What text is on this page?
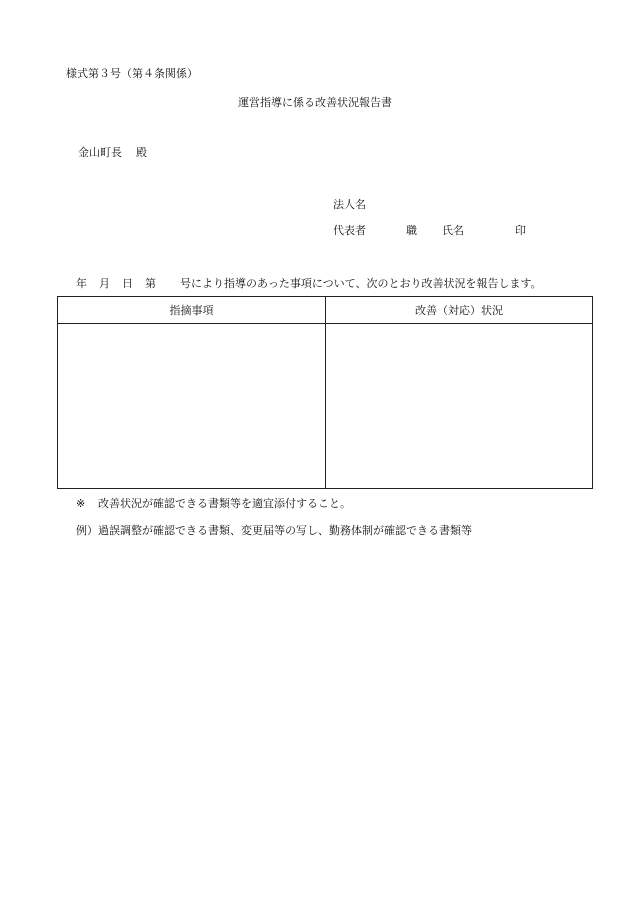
様式第３号（第４条関係）
運営指導に係る改善状況報告書
金山町長 殿
法人名
代表者	職 氏名	印
年 月 日 第 号により指導のあった事項について、次のとおり改善状況を報告します。
指摘事項	改善（対応）状況
※ 改善状況が確認できる書類等を適宜添付すること。
例）過誤調整が確認できる書類、変更届等の写し、勤務体制が確認できる書類等
